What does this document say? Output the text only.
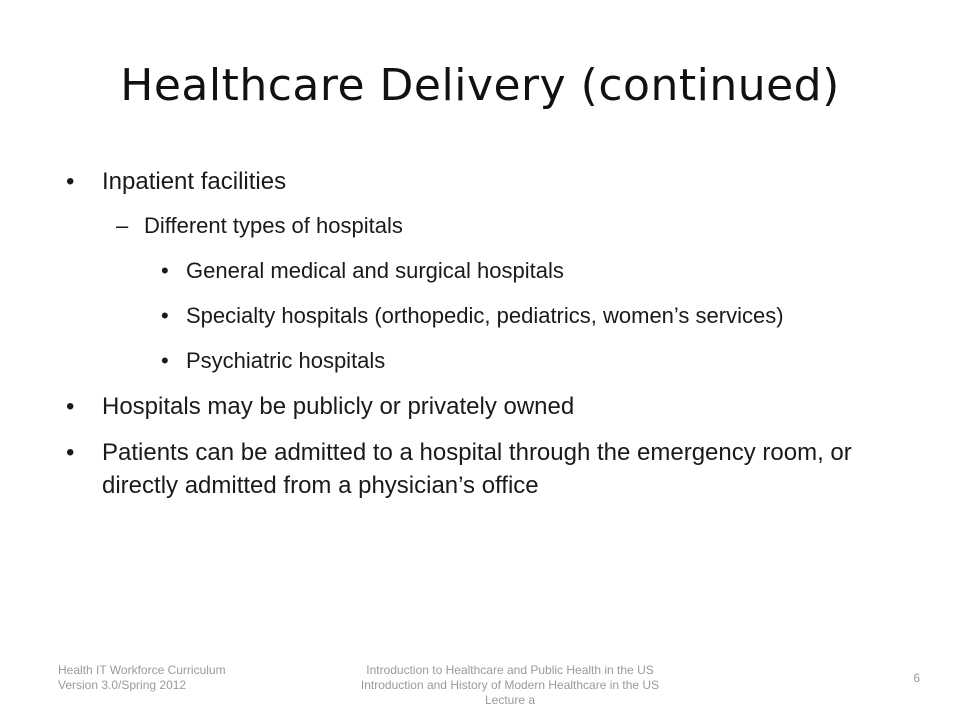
Healthcare Delivery (continued)

• Inpatient facilities

– Different types of hospitals

• General medical and surgical hospitals

• Specialty hospitals (orthopedic, pediatrics, women’s services)

• Psychiatric hospitals

• Hospitals may be publicly or privately owned

• Patients can be admitted to a hospital through the emergency room, or directly admitted from a physician’s office

Health IT Workforce Curriculum
Version 3.0/Spring 2012
Introduction to Healthcare and Public Health in the US
Introduction and History of Modern Healthcare in the US
Lecture a
6
